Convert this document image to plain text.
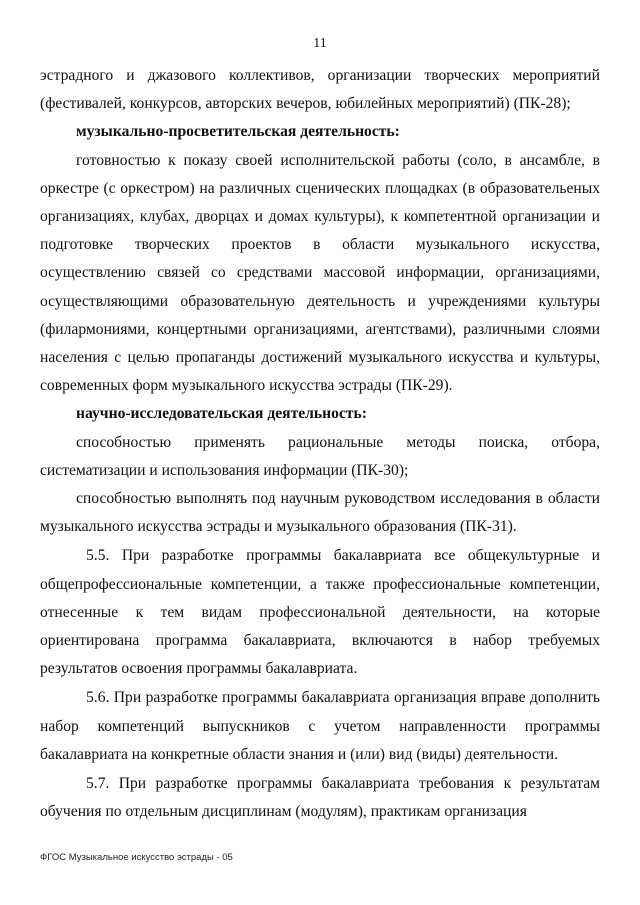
11

эстрадного и джазового коллективов, организации творческих мероприятий (фестивалей, конкурсов, авторских вечеров, юбилейных мероприятий) (ПК-28);

музыкально-просветительская деятельность:

готовностью к показу своей исполнительской работы (соло, в ансамбле, в оркестре (с оркестром) на различных сценических площадках (в образовательеных организациях, клубах, дворцах и домах культуры), к компетентной организации и подготовке творческих проектов в области музыкального искусства, осуществлению связей со средствами массовой информации, организациями, осуществляющими образовательную деятельность и учреждениями культуры (филармониями, концертными организациями, агентствами), различными слоями населения с целью пропаганды достижений музыкального искусства и культуры, современных форм музыкального искусства эстрады (ПК-29).

научно-исследовательская деятельность:

способностью применять рациональные методы поиска, отбора, систематизации и использования информации (ПК-30);

способностью выполнять под научным руководством исследования в области музыкального искусства эстрады и музыкального образования (ПК-31).

5.5. При разработке программы бакалавриата все общекультурные и общепрофессиональные компетенции, а также профессиональные компетенции, отнесенные к тем видам профессиональной деятельности, на которые ориентирована программа бакалавриата, включаются в набор требуемых результатов освоения программы бакалавриата.

5.6. При разработке программы бакалавриата организация вправе дополнить набор компетенций выпускников с учетом направленности программы бакалавриата на конкретные области знания и (или) вид (виды) деятельности.

5.7. При разработке программы бакалавриата требования к результатам обучения по отдельным дисциплинам (модулям), практикам организация

ФГОС Музыкальное искусство эстрады - 05
